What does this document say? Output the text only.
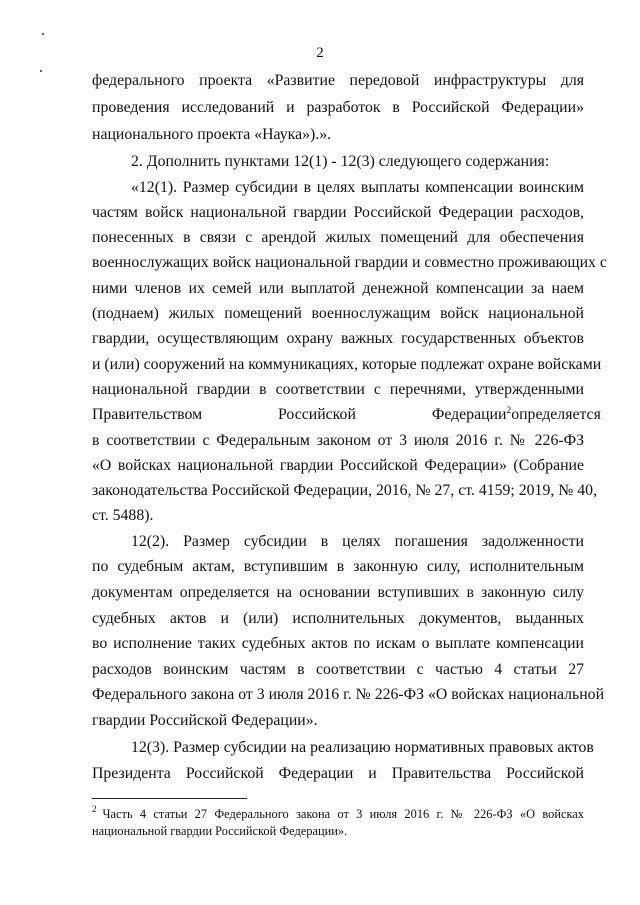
2
федерального проекта «Развитие передовой инфраструктуры для
проведения исследований и разработок в Российской Федерации»
национального проекта «Наука»).».
2. Дополнить пунктами 12(1) - 12(3) следующего содержания:
«12(1). Размер субсидии в целях выплаты компенсации воинским
частям войск национальной гвардии Российской Федерации расходов,
понесенных в связи с арендой жилых помещений для обеспечения
военнослужащих войск национальной гвардии и совместно проживающих с
ними членов их семей или выплатой денежной компенсации за наем
(поднаем) жилых помещений военнослужащим войск национальной
гвардии, осуществляющим охрану важных государственных объектов
и (или) сооружений на коммуникациях, которые подлежат охране войсками
национальной гвардии в соответствии с перечнями, утвержденными
Правительством Российской Федерации$^2$ определяется
в соответствии с Федеральным законом от 3 июля 2016 г. № 226-ФЗ
«О войсках национальной гвардии Российской Федерации» (Собрание
законодательства Российской Федерации, 2016, № 27, ст. 4159; 2019, № 40,
ст. 5488).
12(2). Размер субсидии в целях погашения задолженности
по судебным актам, вступившим в законную силу, исполнительным
документам определяется на основании вступивших в законную силу
судебных актов и (или) исполнительных документов, выданных
во исполнение таких судебных актов по искам о выплате компенсации
расходов воинским частям в соответствии с частью 4 статьи 27
Федерального закона от 3 июля 2016 г. № 226-ФЗ «О войсках национальной
гвардии Российской Федерации».
12(3). Размер субсидии на реализацию нормативных правовых актов
Президента Российской Федерации и Правительства Российской
2 Часть 4 статьи 27 Федерального закона от 3 июля 2016 г. № 226-ФЗ «О войсках
национальной гвардии Российской Федерации».
